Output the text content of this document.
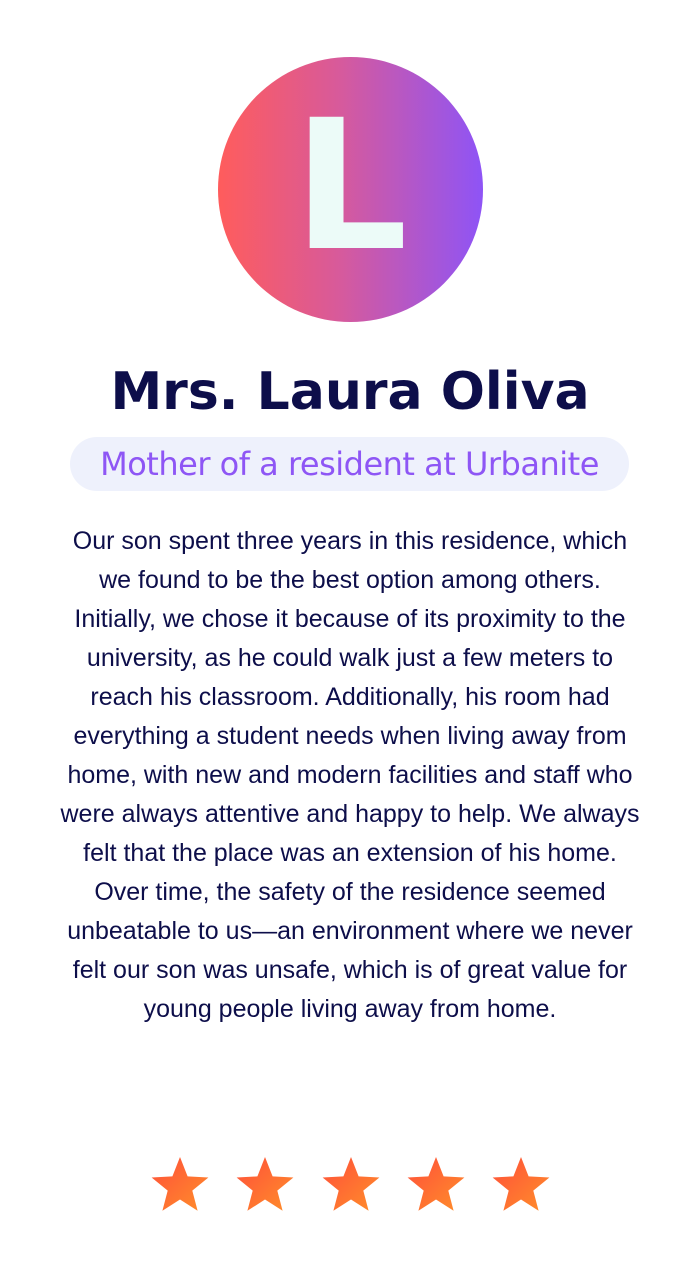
L
Mrs. Laura Oliva
Mother of a resident at Urbanite

Our son spent three years in this residence, which we found to be the best option among others. Initially, we chose it because of its proximity to the university, as he could walk just a few meters to reach his classroom. Additionally, his room had everything a student needs when living away from home, with new and modern facilities and staff who were always attentive and happy to help. We always felt that the place was an extension of his home. Over time, the safety of the residence seemed unbeatable to us—an environment where we never felt our son was unsafe, which is of great value for young people living away from home.
